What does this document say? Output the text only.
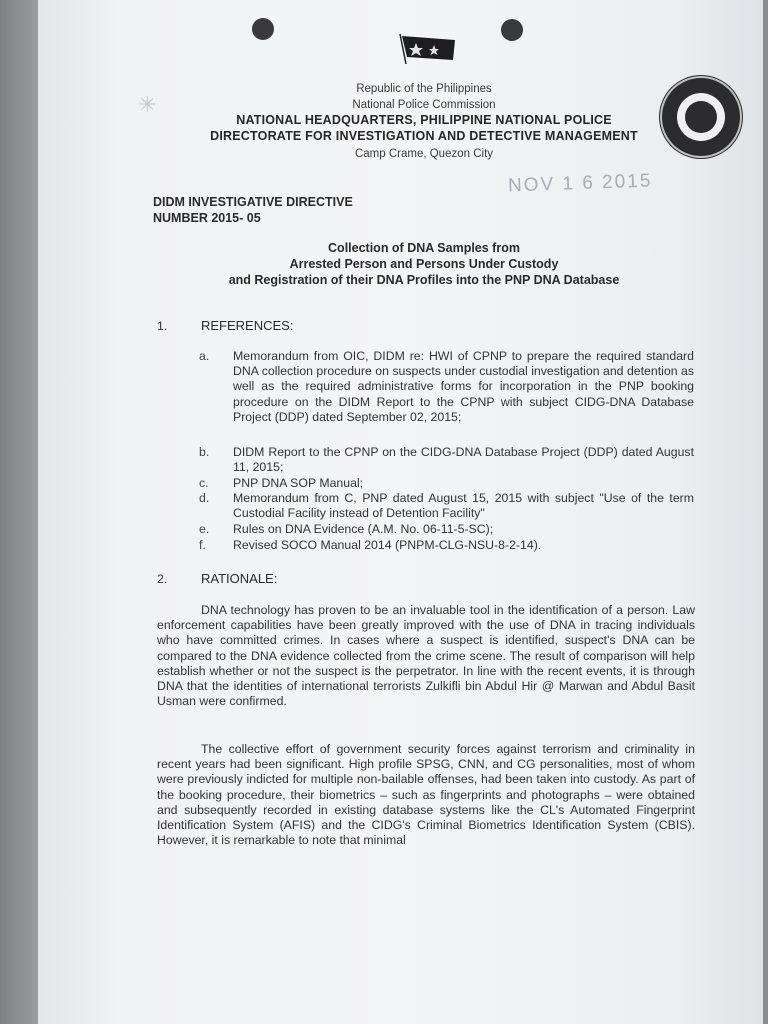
✳
Republic of the Philippines
National Police Commission
NATIONAL HEADQUARTERS, PHILIPPINE NATIONAL POLICE
DIRECTORATE FOR INVESTIGATION AND DETECTIVE MANAGEMENT
Camp Crame, Quezon City
NOV 1 6 2015
DIDM INVESTIGATIVE DIRECTIVE
NUMBER 2015- 05
Collection of DNA Samples from
Arrested Person and Persons Under Custody
and Registration of their DNA Profiles into the PNP DNA Database
1.	REFERENCES:
a. Memorandum from OIC, DIDM re: HWI of CPNP to prepare the required standard DNA collection procedure on suspects under custodial investigation and detention as well as the required administrative forms for incorporation in the PNP booking procedure on the DIDM Report to the CPNP with subject CIDG-DNA Database Project (DDP) dated September 02, 2015;
b. DIDM Report to the CPNP on the CIDG-DNA Database Project (DDP) dated August 11, 2015;
c. PNP DNA SOP Manual;
d. Memorandum from C, PNP dated August 15, 2015 with subject "Use of the term Custodial Facility instead of Detention Facility"
e. Rules on DNA Evidence (A.M. No. 06-11-5-SC);
f. Revised SOCO Manual 2014 (PNPM-CLG-NSU-8-2-14).
2.	RATIONALE:
DNA technology has proven to be an invaluable tool in the identification of a person. Law enforcement capabilities have been greatly improved with the use of DNA in tracing individuals who have committed crimes. In cases where a suspect is identified, suspect's DNA can be compared to the DNA evidence collected from the crime scene. The result of comparison will help establish whether or not the suspect is the perpetrator. In line with the recent events, it is through DNA that the identities of international terrorists Zulkifli bin Abdul Hir @ Marwan and Abdul Basit Usman were confirmed.
The collective effort of government security forces against terrorism and criminality in recent years had been significant. High profile SPSG, CNN, and CG personalities, most of whom were previously indicted for multiple non-bailable offenses, had been taken into custody. As part of the booking procedure, their biometrics – such as fingerprints and photographs – were obtained and subsequently recorded in existing database systems like the CL's Automated Fingerprint Identification System (AFIS) and the CIDG's Criminal Biometrics Identification System (CBIS). However, it is remarkable to note that minimal
